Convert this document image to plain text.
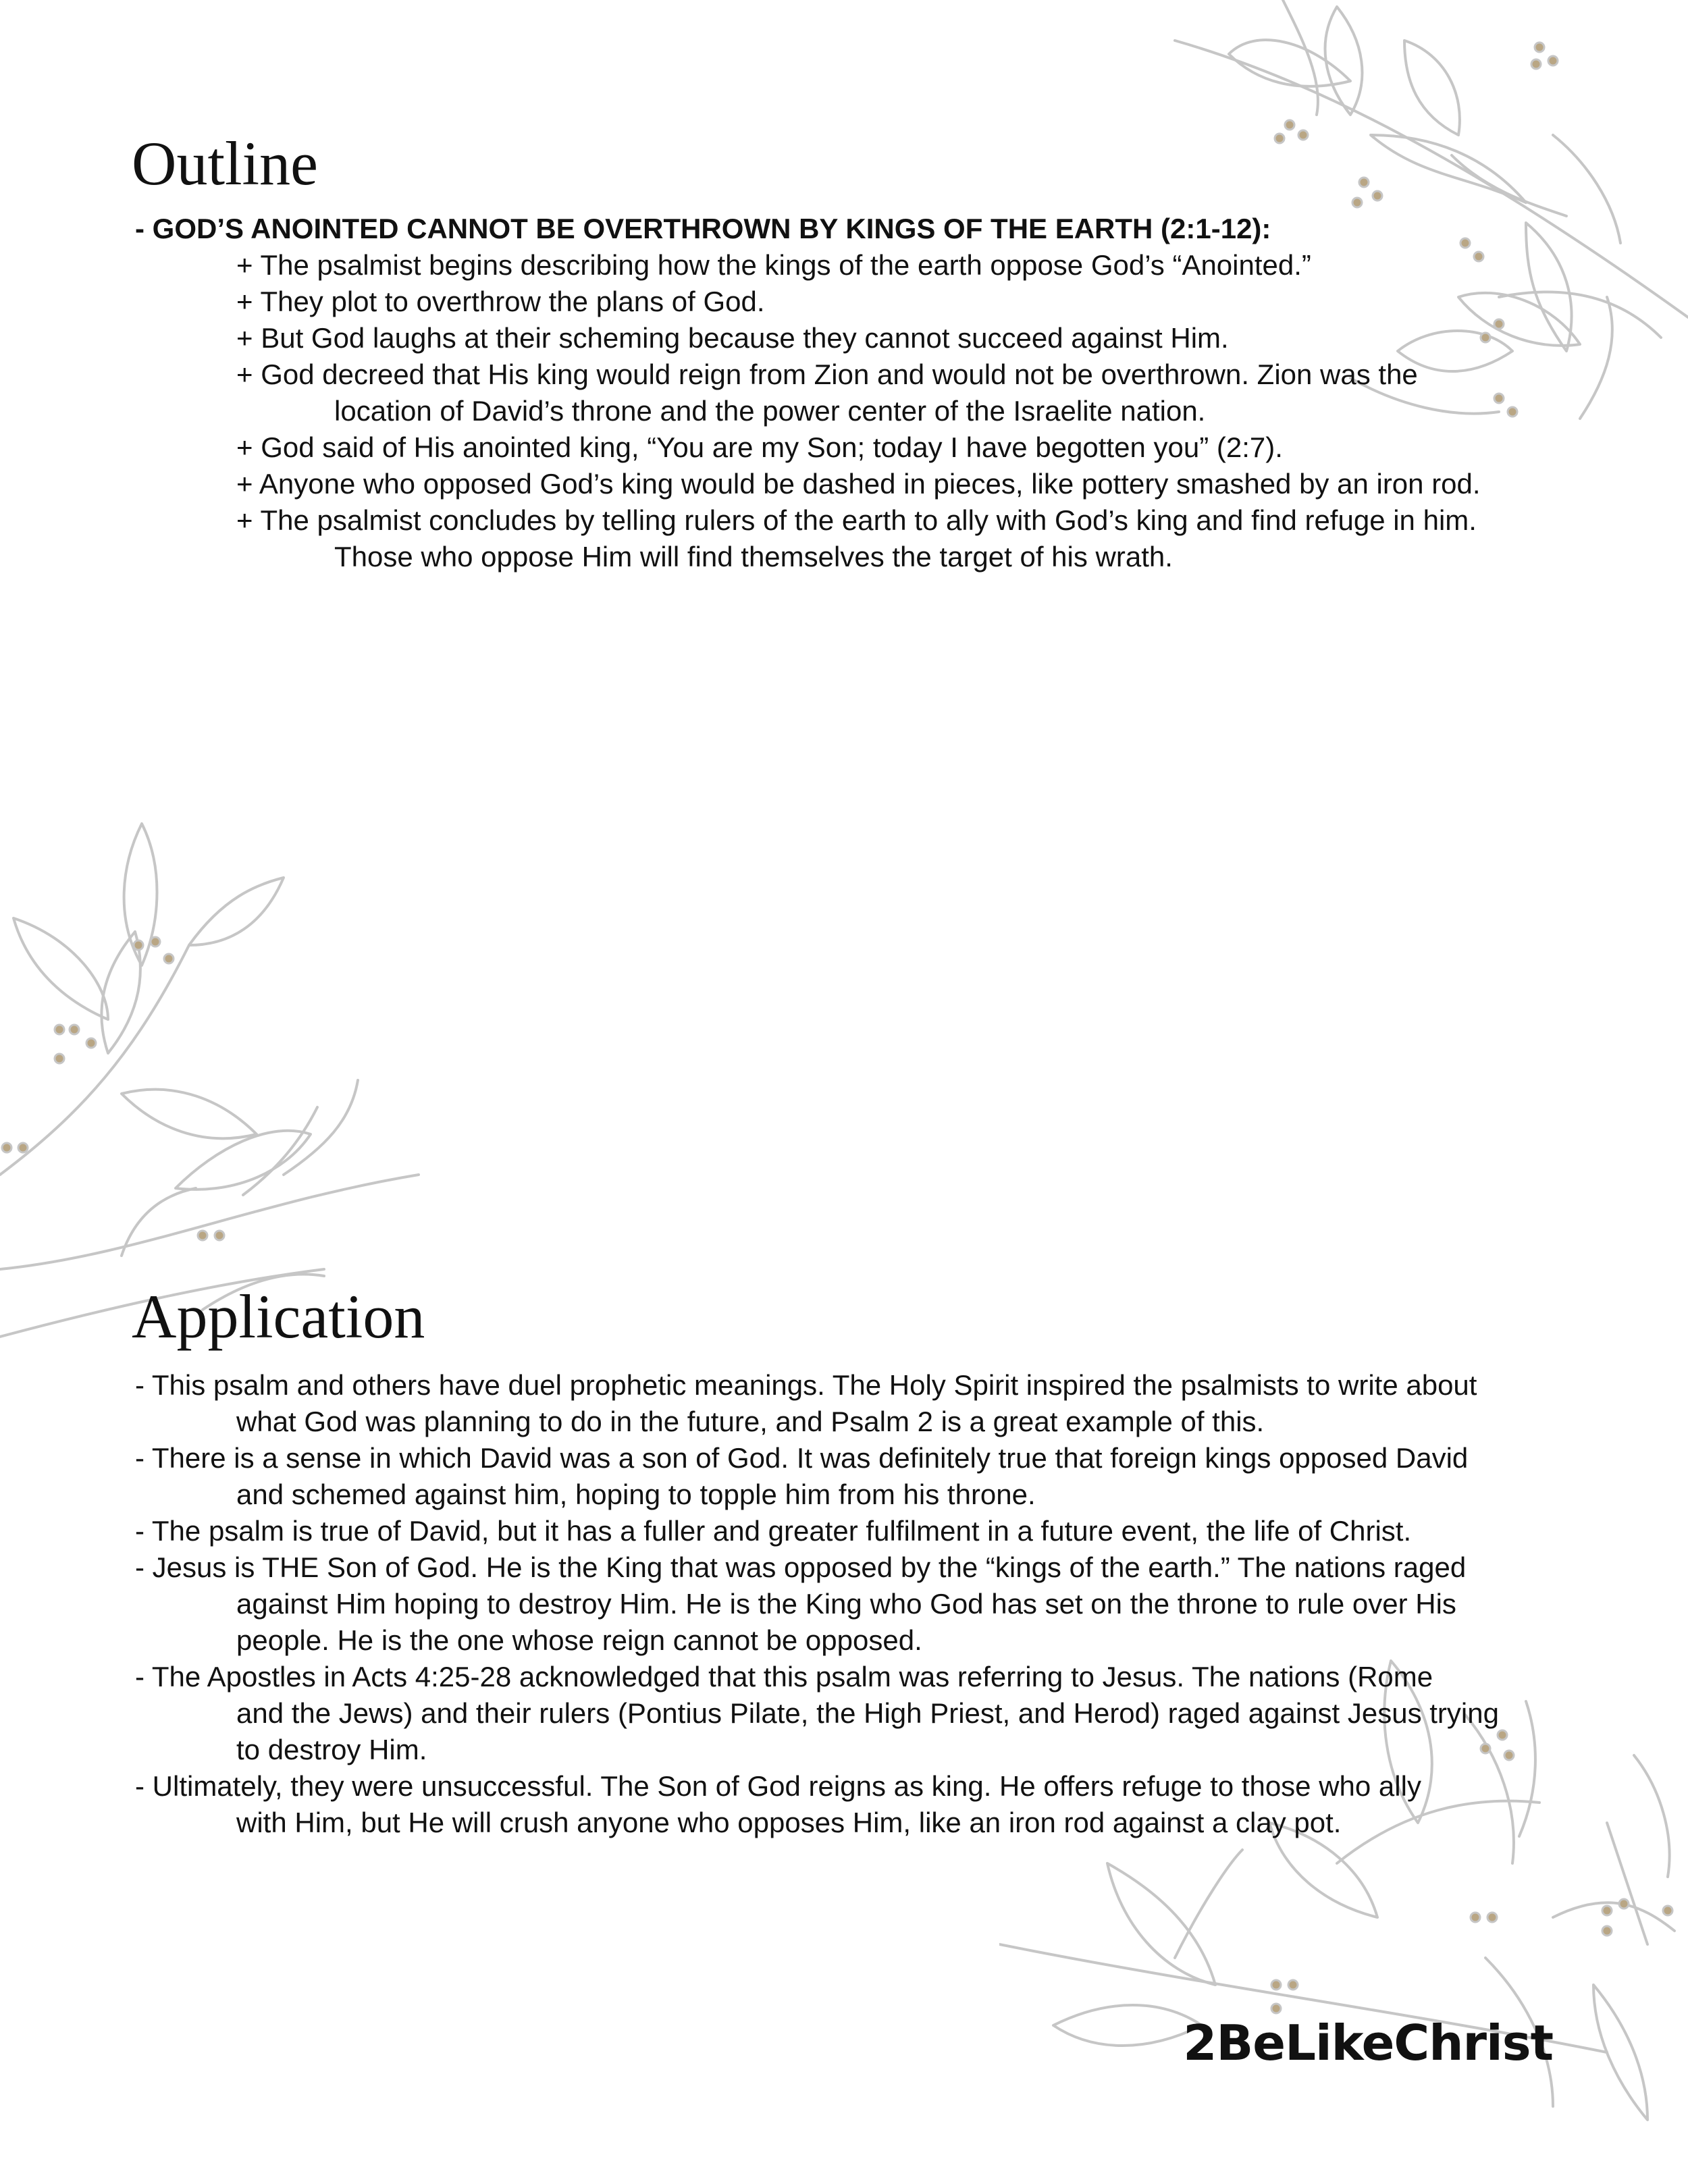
Outline
- GOD’S ANOINTED CANNOT BE OVERTHROWN BY KINGS OF THE EARTH (2:1-12):
+ The psalmist begins describing how the kings of the earth oppose God’s “Anointed.”
+ They plot to overthrow the plans of God.
+ But God laughs at their scheming because they cannot succeed against Him.
+ God decreed that His king would reign from Zion and would not be overthrown. Zion was the
location of David’s throne and the power center of the Israelite nation.
+ God said of His anointed king, “You are my Son; today I have begotten you” (2:7).
+ Anyone who opposed God’s king would be dashed in pieces, like pottery smashed by an iron rod.
+ The psalmist concludes by telling rulers of the earth to ally with God’s king and find refuge in him.
Those who oppose Him will find themselves the target of his wrath.
Application
- This psalm and others have duel prophetic meanings. The Holy Spirit inspired the psalmists to write about
what God was planning to do in the future, and Psalm 2 is a great example of this.
- There is a sense in which David was a son of God. It was definitely true that foreign kings opposed David
and schemed against him, hoping to topple him from his throne.
- The psalm is true of David, but it has a fuller and greater fulfilment in a future event, the life of Christ.
- Jesus is THE Son of God. He is the King that was opposed by the “kings of the earth.” The nations raged
against Him hoping to destroy Him. He is the King who God has set on the throne to rule over His
people. He is the one whose reign cannot be opposed.
- The Apostles in Acts 4:25-28 acknowledged that this psalm was referring to Jesus. The nations (Rome
and the Jews) and their rulers (Pontius Pilate, the High Priest, and Herod) raged against Jesus trying
to destroy Him.
- Ultimately, they were unsuccessful. The Son of God reigns as king. He offers refuge to those who ally
with Him, but He will crush anyone who opposes Him, like an iron rod against a clay pot.
2BeLikeChrist
